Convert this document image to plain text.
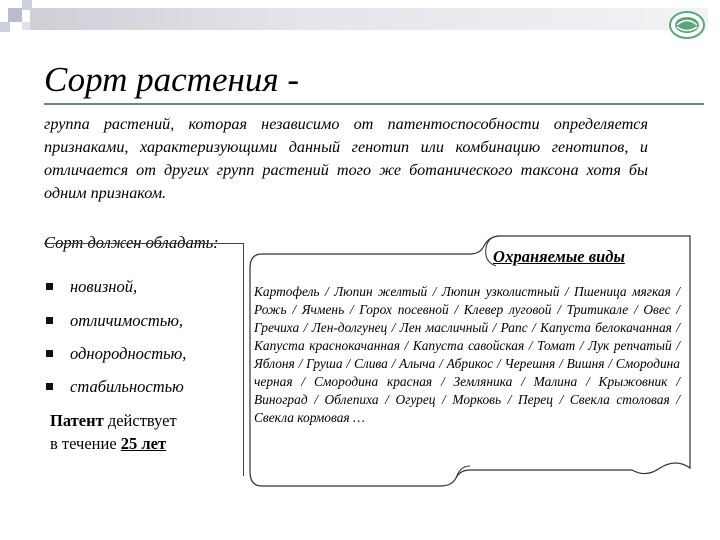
Сорт растения -
группа растений, которая независимо от патентоспособности определяется признаками, характеризующими данный генотип или комбинацию генотипов, и отличается от других групп растений того же ботанического таксона хотя бы одним признаком.
Сорт должен обладать:
новизной,
отличимостью,
однородностью,
стабильностью
Патент действует
в течение 25 лет
Охраняемые виды
Картофель / Люпин желтый / Люпин узколистный / Пшеница мягкая / Рожь / Ячмень / Горох посевной / Клевер луговой / Тритикале / Овес / Гречиха / Лен-долгунец / Лен масличный / Рапс / Капуста белокачанная / Капуста краснокачанная / Капуста савойская / Томат / Лук репчатый / Яблоня / Груша / Слива / Алыча / Абрикос / Черешня / Вишня / Смородина черная / Смородина красная / Земляника / Малина / Крыжовник / Виноград / Облепиха / Огурец / Морковь / Перец / Свекла столовая / Свекла кормовая …
